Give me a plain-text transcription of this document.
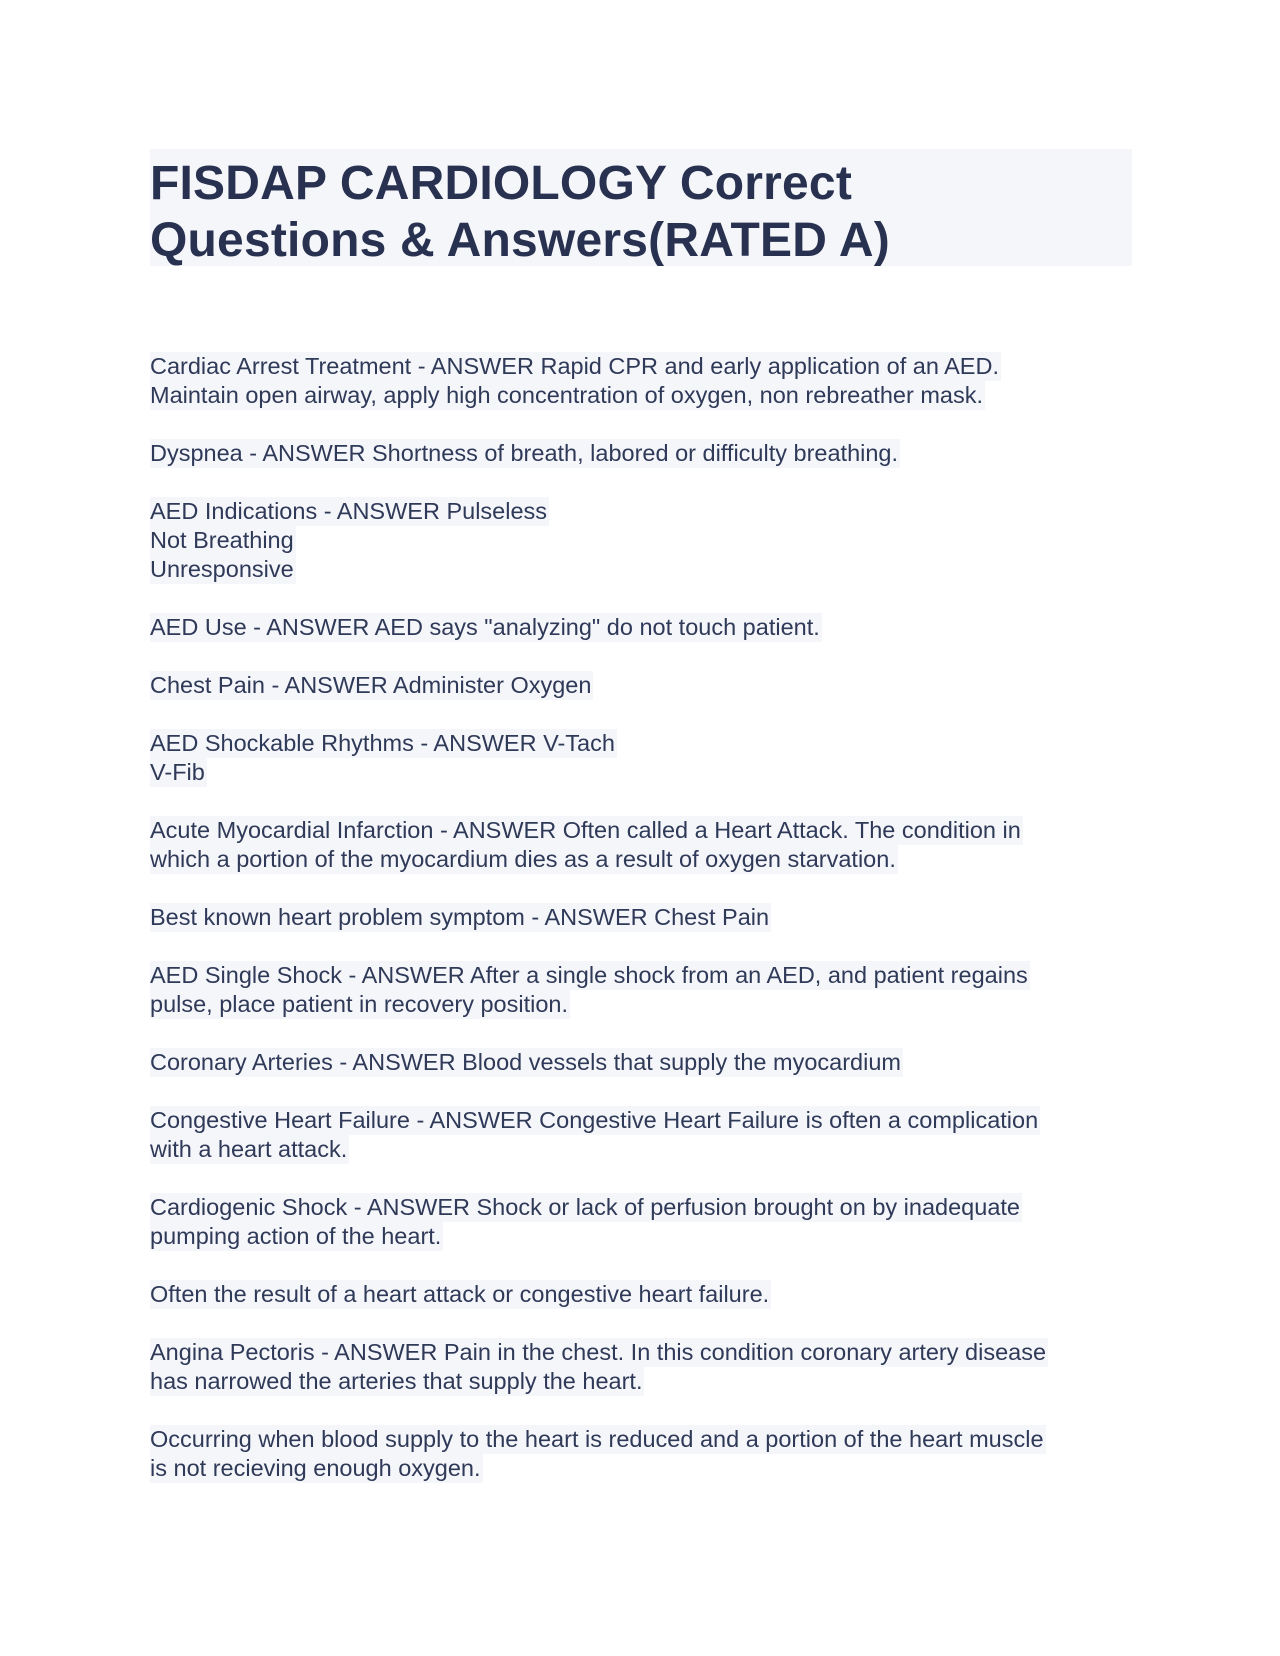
FISDAP CARDIOLOGY Correct
Questions & Answers(RATED A)
Cardiac Arrest Treatment - ANSWER Rapid CPR and early application of an AED.
Maintain open airway, apply high concentration of oxygen, non rebreather mask.
Dyspnea - ANSWER Shortness of breath, labored or difficulty breathing.
AED Indications - ANSWER Pulseless
Not Breathing
Unresponsive
AED Use - ANSWER AED says "analyzing" do not touch patient.
Chest Pain - ANSWER Administer Oxygen
AED Shockable Rhythms - ANSWER V-Tach
V-Fib
Acute Myocardial Infarction - ANSWER Often called a Heart Attack. The condition in
which a portion of the myocardium dies as a result of oxygen starvation.
Best known heart problem symptom - ANSWER Chest Pain
AED Single Shock - ANSWER After a single shock from an AED, and patient regains
pulse, place patient in recovery position.
Coronary Arteries - ANSWER Blood vessels that supply the myocardium
Congestive Heart Failure - ANSWER Congestive Heart Failure is often a complication
with a heart attack.
Cardiogenic Shock - ANSWER Shock or lack of perfusion brought on by inadequate
pumping action of the heart.
Often the result of a heart attack or congestive heart failure.
Angina Pectoris - ANSWER Pain in the chest. In this condition coronary artery disease
has narrowed the arteries that supply the heart.
Occurring when blood supply to the heart is reduced and a portion of the heart muscle
is not recieving enough oxygen.
